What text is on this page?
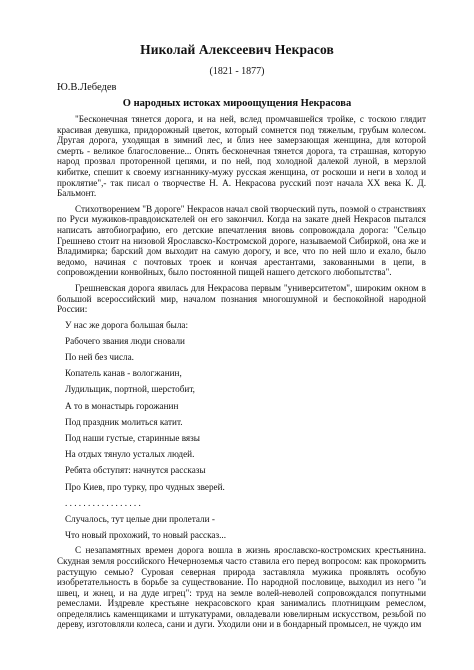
Николай Алексеевич Некрасов
(1821 - 1877)
Ю.В.Лебедев
О народных истоках мироощущения Некрасова

"Бесконечная тянется дорога, и на ней, вслед промчавшейся тройке, с тоскою глядит красивая девушка, придорожный цветок, который сомнется под тяжелым, грубым колесом. Другая дорога, уходящая в зимний лес, и близ нее замерзающая женщина, для которой смерть - великое благословение... Опять бесконечная тянется дорога, та страшная, которую народ прозвал проторенной цепями, и по ней, под холодной далекой луной, в мерзлой кибитке, спешит к своему изгнаннику-мужу русская женщина, от роскоши и неги в холод и проклятие",- так писал о творчестве Н. А. Некрасова русский поэт начала XX века К. Д. Бальмонт.

Стихотворением "В дороге" Некрасов начал свой творческий путь, поэмой о странствиях по Руси мужиков-правдоискателей он его закончил. Когда на закате дней Некрасов пытался написать автобиографию, его детские впечатления вновь сопровождала дорога: "Сельцо Грешнево стоит на низовой Ярославско-Костромской дороге, называемой Сибиркой, она же и Владимирка; барский дом выходит на самую дорогу, и все, что по ней шло и ехало, было ведомо, начиная с почтовых троек и кончая арестантами, закованными в цепи, в сопровождении конвойных, было постоянной пищей нашего детского любопытства".

Грешневская дорога явилась для Некрасова первым "университетом", широким окном в большой всероссийский мир, началом познания многошумной и беспокойной народной России:

У нас же дорога большая была:
Рабочего звания люди сновали
По ней без числа.
Копатель канав - вологжанин,
Лудильщик, портной, шерстобит,
А то в монастырь горожанин
Под праздник молиться катит.
Под наши густые, старинные вязы
На отдых тянуло усталых людей.
Ребята обступят: начнутся рассказы
Про Киев, про турку, про чудных зверей.
. . . . . . . . . . . . . . . . .
Случалось, тут целые дни пролетали -
Что новый прохожий, то новый рассказ...

С незапамятных времен дорога вошла в жизнь ярославско-костромских крестьянина. Скудная земля российского Нечерноземья часто ставила его перед вопросом: как прокормить растущую семью? Суровая северная природа заставляла мужика проявлять особую изобретательность в борьбе за существование. По народной пословице, выходил из него "и швец, и жнец, и на дуде игрец": труд на земле волей-неволей сопровождался попутными ремеслами. Издревле крестьяне некрасовского края занимались плотницким ремеслом, определялись каменщиками и штукатурами, овладевали ювелирным искусством, резьбой по дереву, изготовляли колеса, сани и дуги. Уходили они и в бондарный промысел, не чуждо им
